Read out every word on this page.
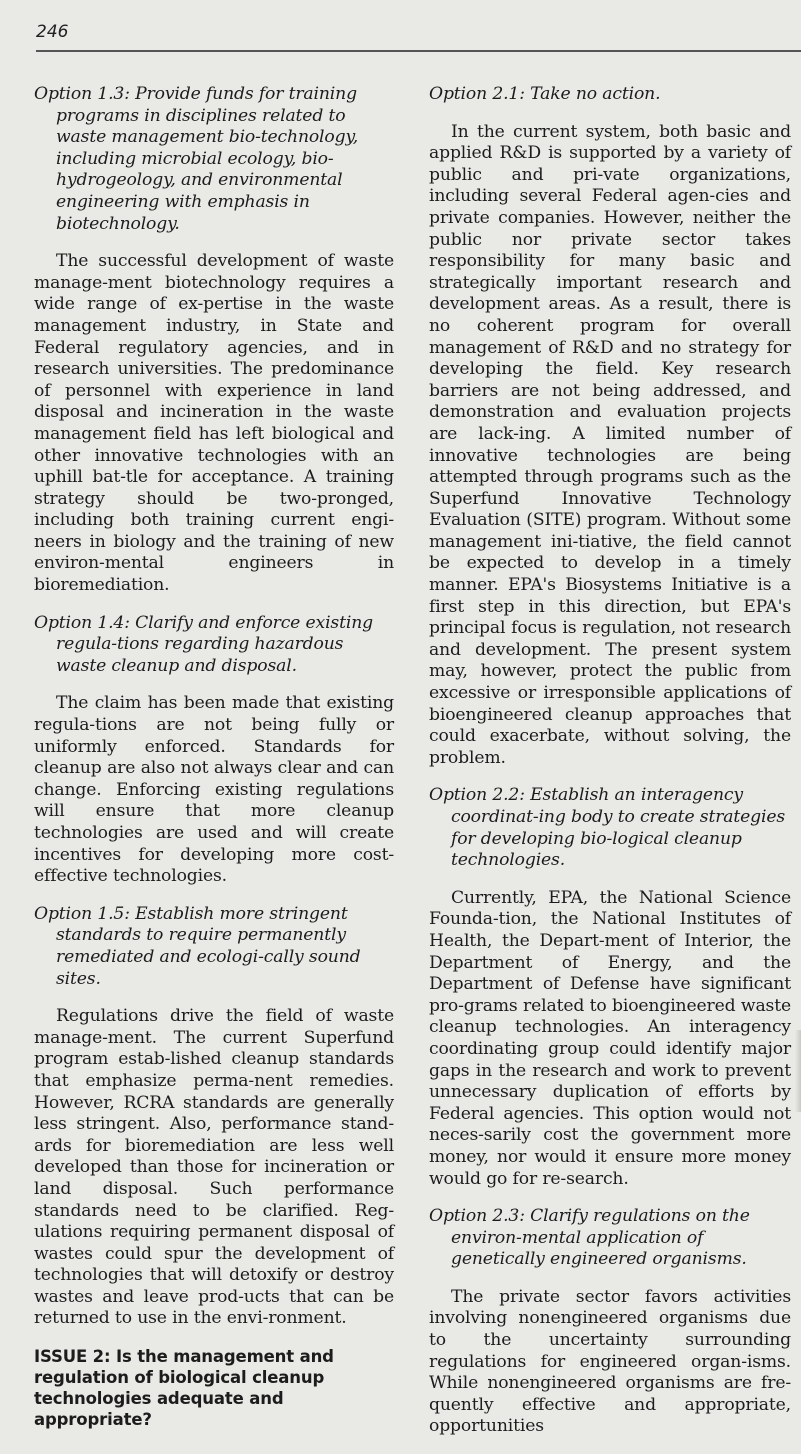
246

Option 1.3: Provide funds for training programs in disciplines related to waste management bio-technology, including microbial ecology, bio-hydrogeology, and environmental engineering with emphasis in biotechnology.

The successful development of waste manage-ment biotechnology requires a wide range of ex-pertise in the waste management industry, in State and Federal regulatory agencies, and in research universities. The predominance of personnel with experience in land disposal and incineration in the waste management field has left biological and other innovative technologies with an uphill bat-tle for acceptance. A training strategy should be two-pronged, including both training current engi-neers in biology and the training of new environ-mental engineers in bioremediation.

Option 1.4: Clarify and enforce existing regula-tions regarding hazardous waste cleanup and disposal.

The claim has been made that existing regula-tions are not being fully or uniformly enforced. Standards for cleanup are also not always clear and can change. Enforcing existing regulations will ensure that more cleanup technologies are used and will create incentives for developing more cost-effective technologies.

Option 1.5: Establish more stringent standards to require permanently remediated and ecologi-cally sound sites.

Regulations drive the field of waste manage-ment. The current Superfund program estab-lished cleanup standards that emphasize perma-nent remedies. However, RCRA standards are generally less stringent. Also, performance stand-ards for bioremediation are less well developed than those for incineration or land disposal. Such performance standards need to be clarified. Reg-ulations requiring permanent disposal of wastes could spur the development of technologies that will detoxify or destroy wastes and leave prod-ucts that can be returned to use in the envi-ronment.

ISSUE 2: Is the management and regulation of biological cleanup technologies adequate and appropriate?

Option 2.1: Take no action.

In the current system, both basic and applied R&D is supported by a variety of public and pri-vate organizations, including several Federal agen-cies and private companies. However, neither the public nor private sector takes responsibility for many basic and strategically important research and development areas. As a result, there is no coherent program for overall management of R&D and no strategy for developing the field. Key research barriers are not being addressed, and demonstration and evaluation projects are lack-ing. A limited number of innovative technologies are being attempted through programs such as the Superfund Innovative Technology Evaluation (SITE) program. Without some management ini-tiative, the field cannot be expected to develop in a timely manner. EPA's Biosystems Initiative is a first step in this direction, but EPA's principal focus is regulation, not research and development. The present system may, however, protect the public from excessive or irresponsible applications of bioengineered cleanup approaches that could exacerbate, without solving, the problem.

Option 2.2: Establish an interagency coordinat-ing body to create strategies for developing bio-logical cleanup technologies.

Currently, EPA, the National Science Founda-tion, the National Institutes of Health, the Depart-ment of Interior, the Department of Energy, and the Department of Defense have significant pro-grams related to bioengineered waste cleanup technologies. An interagency coordinating group could identify major gaps in the research and work to prevent unnecessary duplication of efforts by Federal agencies. This option would not neces-sarily cost the government more money, nor would it ensure more money would go for re-search.

Option 2.3: Clarify regulations on the environ-mental application of genetically engineered organisms.

The private sector favors activities involving nonengineered organisms due to the uncertainty surrounding regulations for engineered organ-isms. While nonengineered organisms are fre-quently effective and appropriate, opportunities
